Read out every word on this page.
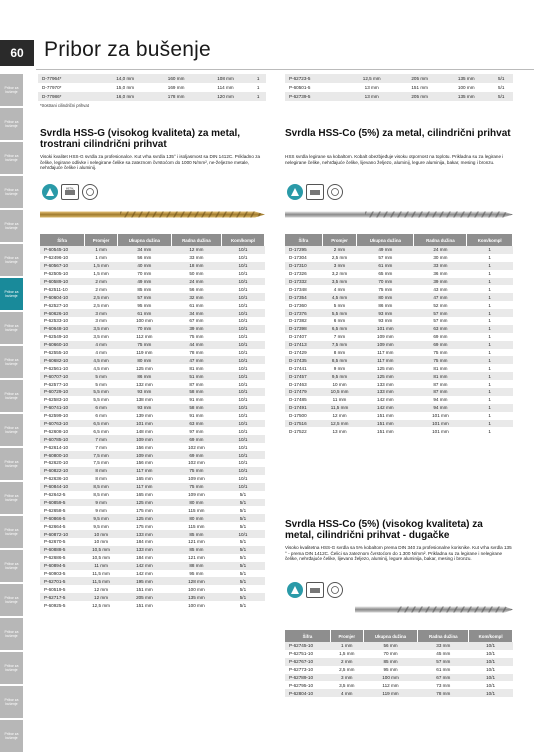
60 Pribor za bušenje
Pribor za bušenje
Pribor za bušenje
Pribor za bušenje
Pribor za bušenje
Pribor za bušenje
Pribor za bušenje
Pribor za bušenje
Pribor za bušenje
Pribor za bušenje
Pribor za bušenje
Pribor za bušenje
Pribor za bušenje
Pribor za bušenje
Pribor za bušenje
Pribor za bušenje
Pribor za bušenje
Pribor za bušenje
Pribor za bušenje
Pribor za bušenje
Pribor za bušenje
D-77964*	14,0 mm	160 mm	108 mm	1
D-77970*	15,0 mm	169 mm	114 mm	1
D-77986*	16,0 mm	178 mm	120 mm	1
P-62723-5	12,5 mm	205 mm	135 mm	5/1
P-60501-5	13 mm	151 mm	100 mm	5/1
P-62739-5	13 mm	205 mm	135 mm	5/1
*trostrani cilindrični prihvat
Svrdla HSS-G (visokog kvaliteta) za metal, trostrani cilindrični prihvat
Visoki kvalitet HSS-G svrdla za profesionalce. Kut vrha svrdla 135° i isoljasmost sa DIN 1412C. Prikladno za čelike, legirane odlivke i nelegirane čelike sa zateznom čvrstoćom do 1000 N/mm², ne-željezne metale, nehrđajuće čelike i aluminij.
METAL
Šifra	Promjer	Ukupna dužina	Radna dužina	Kom/kompl
P-60545-10	1 mm	34 mm	12 mm	10/1
P-62496-10	1 mm	56 mm	33 mm	10/1
P-60567-10	1,5 mm	40 mm	18 mm	10/1
P-62505-10	1,5 mm	70 mm	50 mm	10/1
P-60589-10	2 mm	49 mm	24 mm	10/1
P-62511-10	2 mm	85 mm	56 mm	10/1
P-60604-10	2,5 mm	57 mm	32 mm	10/1
P-62527-10	2,5 mm	95 mm	61 mm	10/1
P-60626-10	3 mm	61 mm	34 mm	10/1
P-62533-10	3 mm	100 mm	67 mm	10/1
P-60648-10	3,5 mm	70 mm	39 mm	10/1
P-62549-10	3,5 mm	112 mm	75 mm	10/1
P-60660-10	4 mm	75 mm	44 mm	10/1
P-62555-10	4 mm	119 mm	78 mm	10/1
P-60682-10	4,5 mm	80 mm	47 mm	10/1
P-62561-10	4,5 mm	125 mm	81 mm	10/1
P-60707-10	5 mm	86 mm	51 mm	10/1
P-62577-10	5 mm	132 mm	87 mm	10/1
P-60729-10	5,5 mm	93 mm	58 mm	10/1
P-62583-10	5,5 mm	138 mm	91 mm	10/1
P-60741-10	6 mm	93 mm	58 mm	10/1
P-62599-10	6 mm	139 mm	91 mm	10/1
P-60763-10	6,5 mm	101 mm	63 mm	10/1
P-62608-10	6,5 mm	148 mm	97 mm	10/1
P-60785-10	7 mm	109 mm	69 mm	10/1
P-62614-10	7 mm	156 mm	102 mm	10/1
P-60800-10	7,5 mm	109 mm	69 mm	10/1
P-62620-10	7,5 mm	156 mm	102 mm	10/1
P-60822-10	8 mm	117 mm	75 mm	10/1
P-62636-10	8 mm	165 mm	109 mm	10/1
P-60844-10	8,5 mm	117 mm	75 mm	10/1
P-62642-5	8,5 mm	165 mm	109 mm	5/1
P-60859-5	9 mm	125 mm	80 mm	5/1
P-62658-5	9 mm	175 mm	115 mm	5/1
P-60866-5	9,5 mm	125 mm	80 mm	5/1
P-62664-5	9,5 mm	175 mm	115 mm	5/1
P-60872-10	10 mm	133 mm	85 mm	10/1
P-62670-5	10 mm	184 mm	121 mm	5/1
P-60888-5	10,5 mm	133 mm	85 mm	5/1
P-62686-5	10,5 mm	184 mm	121 mm	5/1
P-60894-5	11 mm	142 mm	88 mm	5/1
P-60903-5	11,5 mm	142 mm	95 mm	5/1
P-62701-5	11,5 mm	195 mm	128 mm	5/1
P-60519-5	12 mm	151 mm	100 mm	5/1
P-62717-5	12 mm	205 mm	135 mm	5/1
P-60925-5	12,5 mm	151 mm	100 mm	5/1
Svrdla HSS-Co (5%) za metal, cilindrični prihvat
HSS svrdla legirane sa kobaltom. Kobalt obezbjeđuje visoku otpornost na toplotu. Prikladna su za legirane i nelegirane čelike, nehrđajuće čelike, lijevano željezo, aluminij, legure aluminija, bakar, mesing i bronzu.
Šifra	Promjer	Ukupna dužina	Radna dužina	Kom/kompl
D-17295	2 mm	49 mm	24 mm	1
D-17304	2,5 mm	57 mm	30 mm	1
D-17310	3 mm	61 mm	33 mm	1
D-17326	3,2 mm	65 mm	36 mm	1
D-17332	3,5 mm	70 mm	39 mm	1
D-17348	4 mm	75 mm	43 mm	1
D-17354	4,5 mm	80 mm	47 mm	1
D-17360	5 mm	86 mm	52 mm	1
D-17376	5,5 mm	93 mm	57 mm	1
D-17382	6 mm	93 mm	57 mm	1
D-17398	6,5 mm	101 mm	63 mm	1
D-17407	7 mm	109 mm	69 mm	1
D-17413	7,5 mm	109 mm	69 mm	1
D-17429	8 mm	117 mm	75 mm	1
D-17435	8,5 mm	117 mm	75 mm	1
D-17441	9 mm	125 mm	81 mm	1
D-17457	9,5 mm	125 mm	81 mm	1
D-17463	10 mm	133 mm	87 mm	1
D-17479	10,5 mm	133 mm	87 mm	1
D-17485	11 mm	142 mm	94 mm	1
D-17491	11,5 mm	142 mm	94 mm	1
D-17500	12 mm	151 mm	101 mm	1
D-17516	12,5 mm	151 mm	101 mm	1
D-17522	13 mm	151 mm	101 mm	1
Svrdla HSS-Co (5%) (visokog kvaliteta) za metal, cilindrični prihvat - dugačke
Visoko kvalitetna HSS-G svrdla sa 5% kobaltom prema DIN 340 za profesionalne korisnike. Kut vrha svrdla 135 ° - prema DIN 1412C. Čelici sa zateznom čvrstoćom do 1.300 N/mm². Prikladna su za legirane i nelegirane čelike, nehrđajuće čelike, lijevano željezo, aluminij, legure aluminija, bakar, mesing i bronzu.
Šifra	Promjer	Ukupna dužina	Radna dužina	Kom/kompl
P-62745-10	1 mm	56 mm	33 mm	10/1
P-62751-10	1,5 mm	70 mm	45 mm	10/1
P-62767-10	2 mm	85 mm	57 mm	10/1
P-62773-10	2,5 mm	95 mm	61 mm	10/1
P-62789-10	3 mm	100 mm	67 mm	10/1
P-62795-10	3,5 mm	112 mm	73 mm	10/1
P-62804-10	4 mm	119 mm	78 mm	10/1
